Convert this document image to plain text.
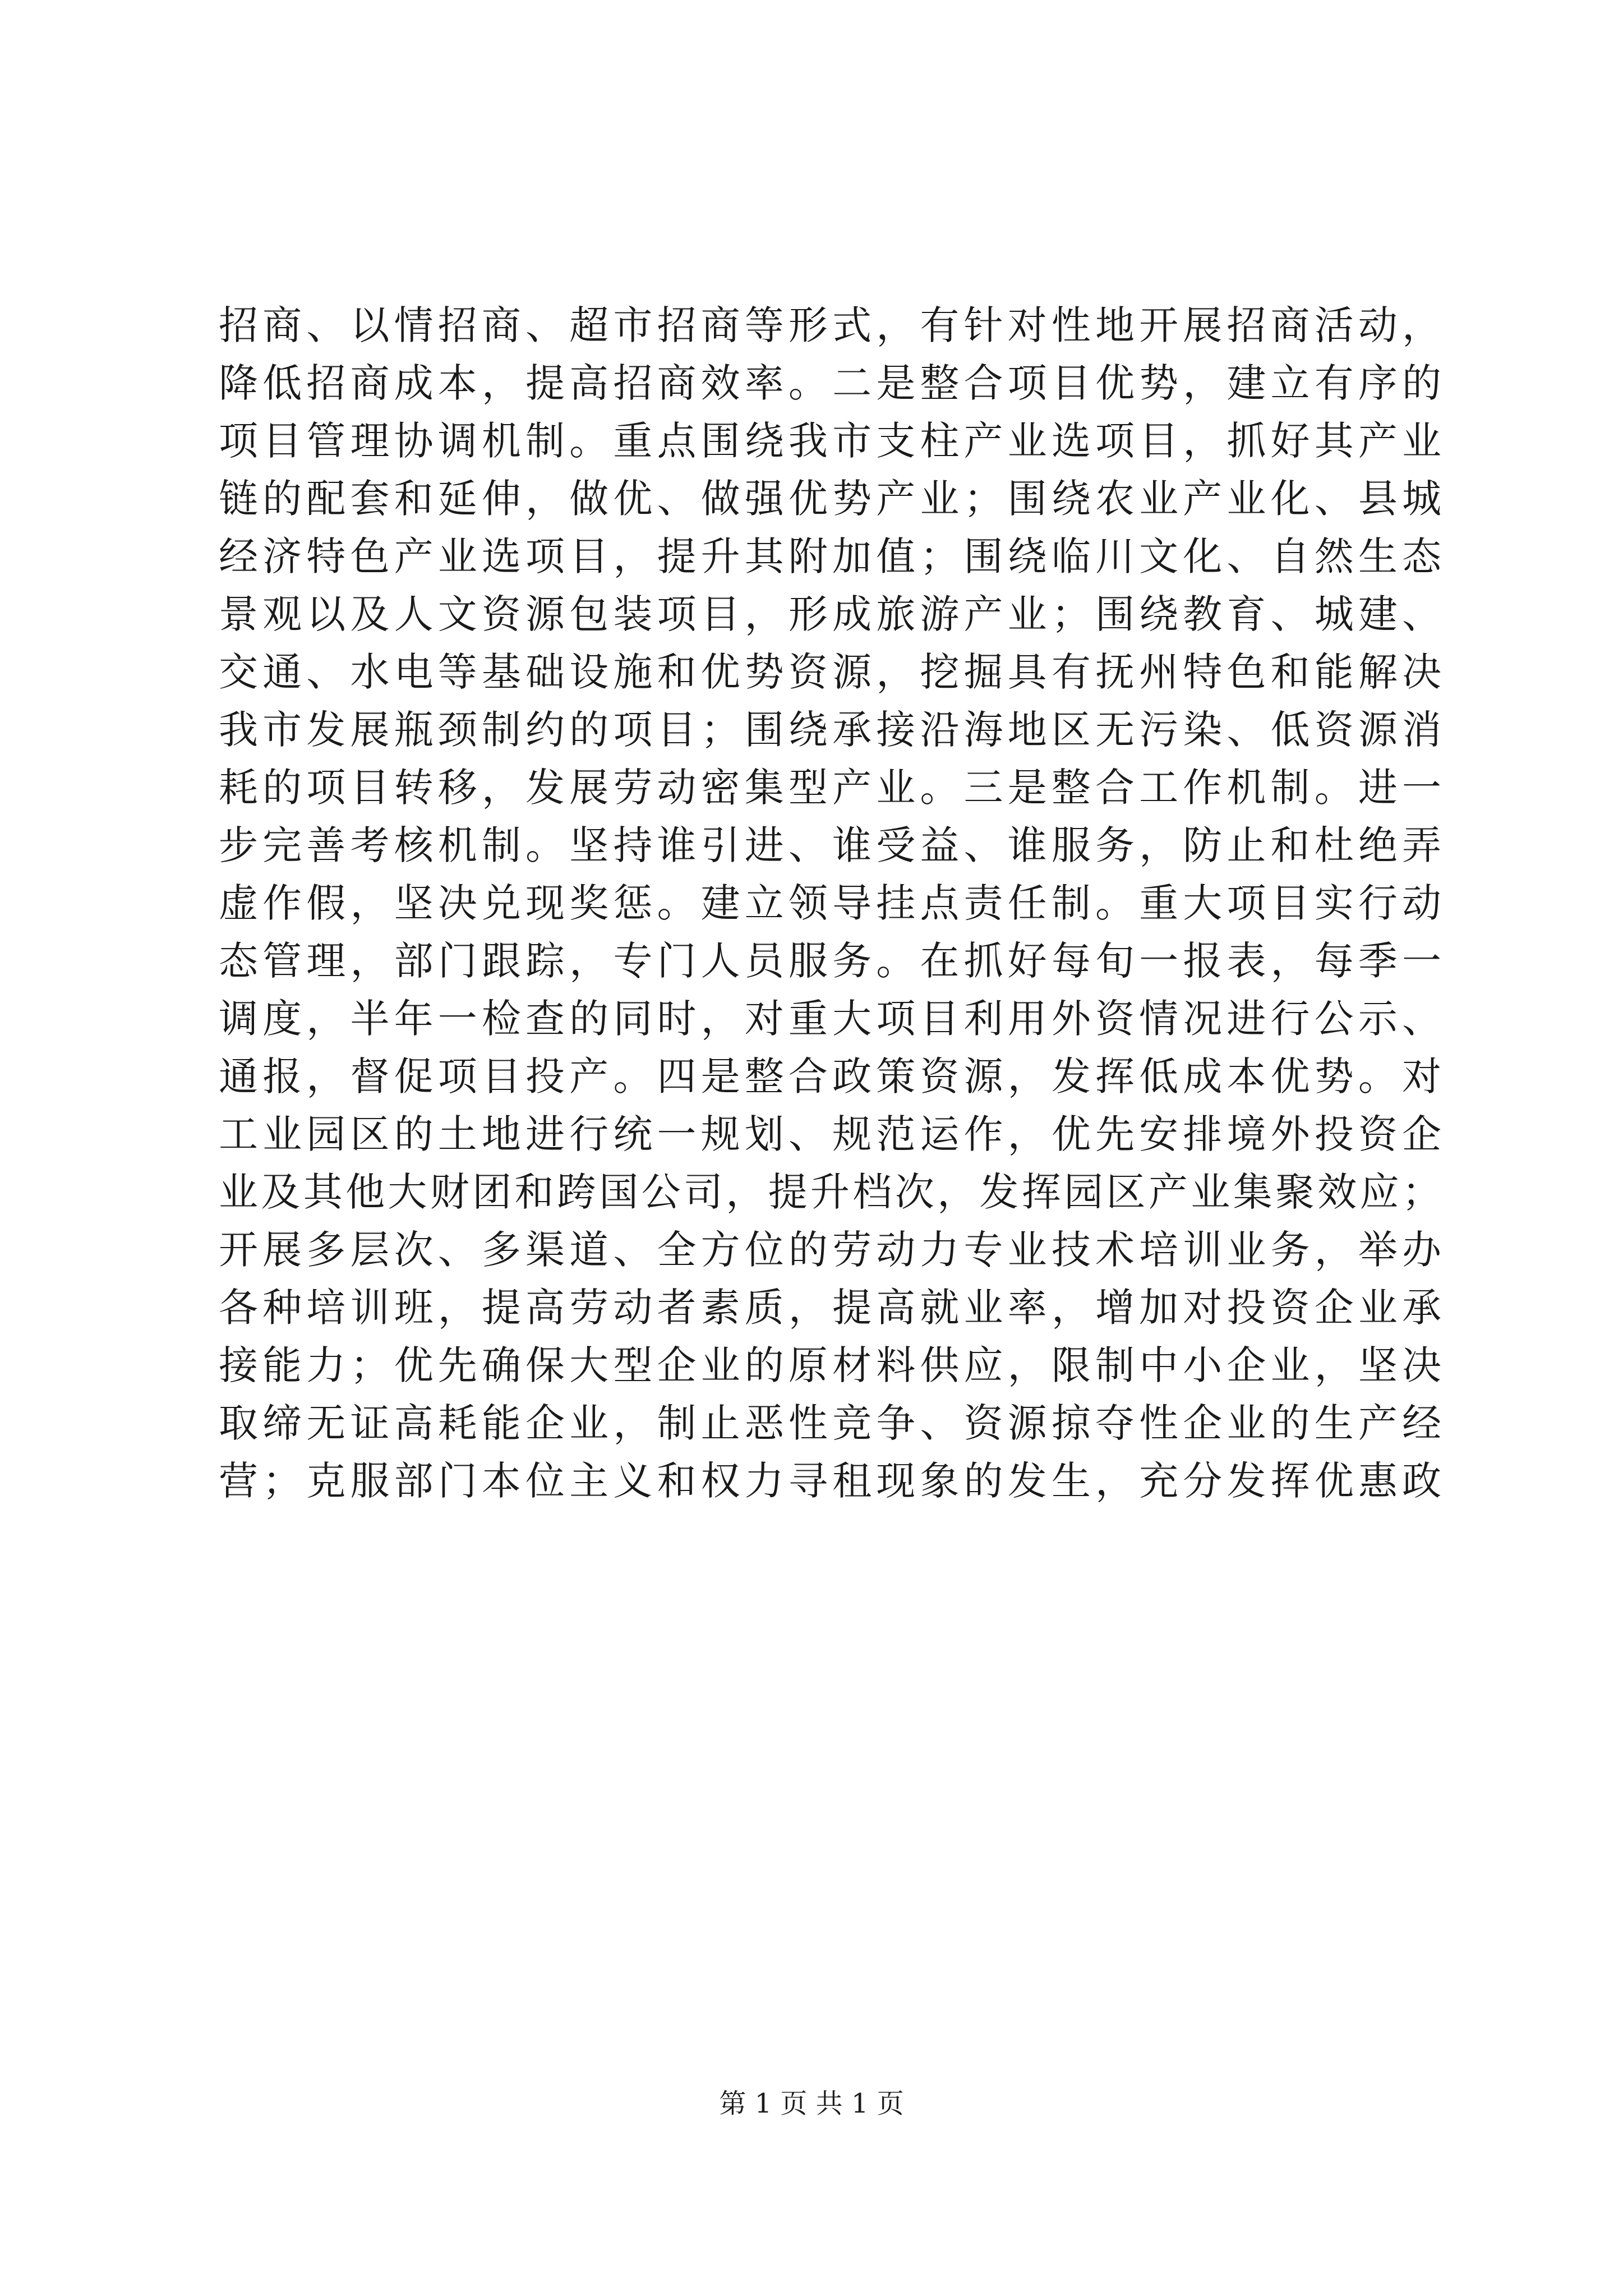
招商、以情招商、超市招商等形式，有针对性地开展招商活动，
降低招商成本，提高招商效率。二是整合项目优势，建立有序的
项目管理协调机制。重点围绕我市支柱产业选项目，抓好其产业
链的配套和延伸，做优、做强优势产业；围绕农业产业化、县城
经济特色产业选项目，提升其附加值；围绕临川文化、自然生态
景观以及人文资源包装项目，形成旅游产业；围绕教育、城建、
交通、水电等基础设施和优势资源，挖掘具有抚州特色和能解决
我市发展瓶颈制约的项目；围绕承接沿海地区无污染、低资源消
耗的项目转移，发展劳动密集型产业。三是整合工作机制。进一
步完善考核机制。坚持谁引进、谁受益、谁服务，防止和杜绝弄
虚作假，坚决兑现奖惩。建立领导挂点责任制。重大项目实行动
态管理，部门跟踪，专门人员服务。在抓好每旬一报表，每季一
调度，半年一检查的同时，对重大项目利用外资情况进行公示、
通报，督促项目投产。四是整合政策资源，发挥低成本优势。对
工业园区的土地进行统一规划、规范运作，优先安排境外投资企
业及其他大财团和跨国公司，提升档次，发挥园区产业集聚效应；
开展多层次、多渠道、全方位的劳动力专业技术培训业务，举办
各种培训班，提高劳动者素质，提高就业率，增加对投资企业承
接能力；优先确保大型企业的原材料供应，限制中小企业，坚决
取缔无证高耗能企业，制止恶性竞争、资源掠夺性企业的生产经
营；克服部门本位主义和权力寻租现象的发生，充分发挥优惠政
第 1 页 共 1 页
